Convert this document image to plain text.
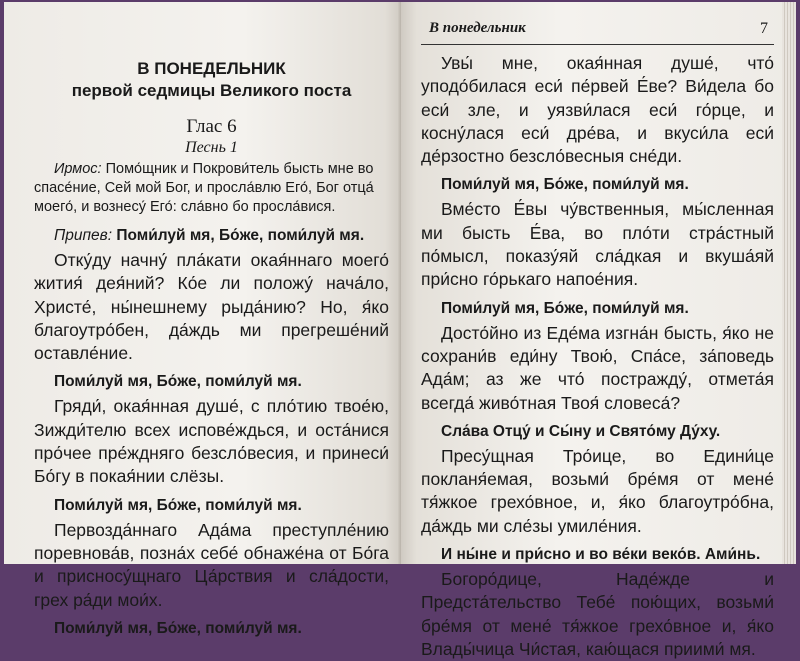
В ПОНЕДЕЛЬНИК
первой седмицы Великого поста
Глас 6
Песнь 1

Ирмос: Помо́щник и Покрови́тель бысть мне во спасе́ние, Сей мой Бог, и просла́влю Его́, Бог отца́ моего́, и вознесу́ Его́: сла́вно бо просла́вися.

Припев: Поми́луй мя, Бо́же, поми́луй мя.

Отку́ду начну́ пла́кати окая́ннаго моего́ жития́ дея́ний? Ко́е ли положу́ нача́ло, Христе́, ны́нешнему рыда́нию? Но, я́ко благоутро́бен, да́ждь ми прегреше́ний оставле́ние.

Поми́луй мя, Бо́же, поми́луй мя.

Гряди́, окая́нная душе́, с пло́тию твое́ю, Зижди́телю всех испове́ждься, и оста́нися про́чее пре́жднягo безсло́весия, и принеси́ Бо́гу в покая́нии слёзы.

Поми́луй мя, Бо́же, поми́луй мя.

Первозда́ннаго Ада́ма преступле́нию поревнова́в, позна́х себе́ обнаже́на от Бо́га и присносу́щнаго Ца́рствия и сла́дости, грех ра́ди мои́х.

Поми́луй мя, Бо́же, поми́луй мя.

В понедельник	7

Увы́ мне, окая́нная душе́, что́ уподо́билася еси́ пе́рвей Е́ве? Ви́дела бо еси́ зле, и уязви́лася еси́ го́рце, и косну́лася еси́ дре́ва, и вкуси́ла еси́ де́рзостно безсло́весныя сне́ди.

Поми́луй мя, Бо́же, поми́луй мя.

Вме́сто Е́вы чу́вственныя, мы́сленная ми бысть Е́ва, во пло́ти стра́стный по́мысл, показу́яй сла́дкая и вкуша́яй при́сно го́рькаго напое́ния.

Поми́луй мя, Бо́же, поми́луй мя.

Досто́йно из Еде́ма изгна́н бысть, я́ко не сохрани́в еди́ну Твою́, Спа́се, за́поведь Ада́м; аз же что́ постражду́, отмета́я всегда́ живо́тная Твоя́ словеса́?

Сла́ва Отцу́ и Сы́ну и Свято́му Ду́ху.

Пресу́щная Тро́ице, во Едини́це покланя́емая, возьми́ бре́мя от мене́ тя́жкое грехо́вное, и, я́ко благоутро́бна, да́ждь ми сле́зы умиле́ния.

И ны́не и при́сно и во ве́ки веко́в. Ами́нь.

Богоро́дице, Наде́жде и Предста́тельство Тебе́ пою́щих, возьми́ бре́мя от мене́ тя́жкое грехо́вное и, я́ко Влады́чица Чи́стая, каю́щася приими́ мя.
